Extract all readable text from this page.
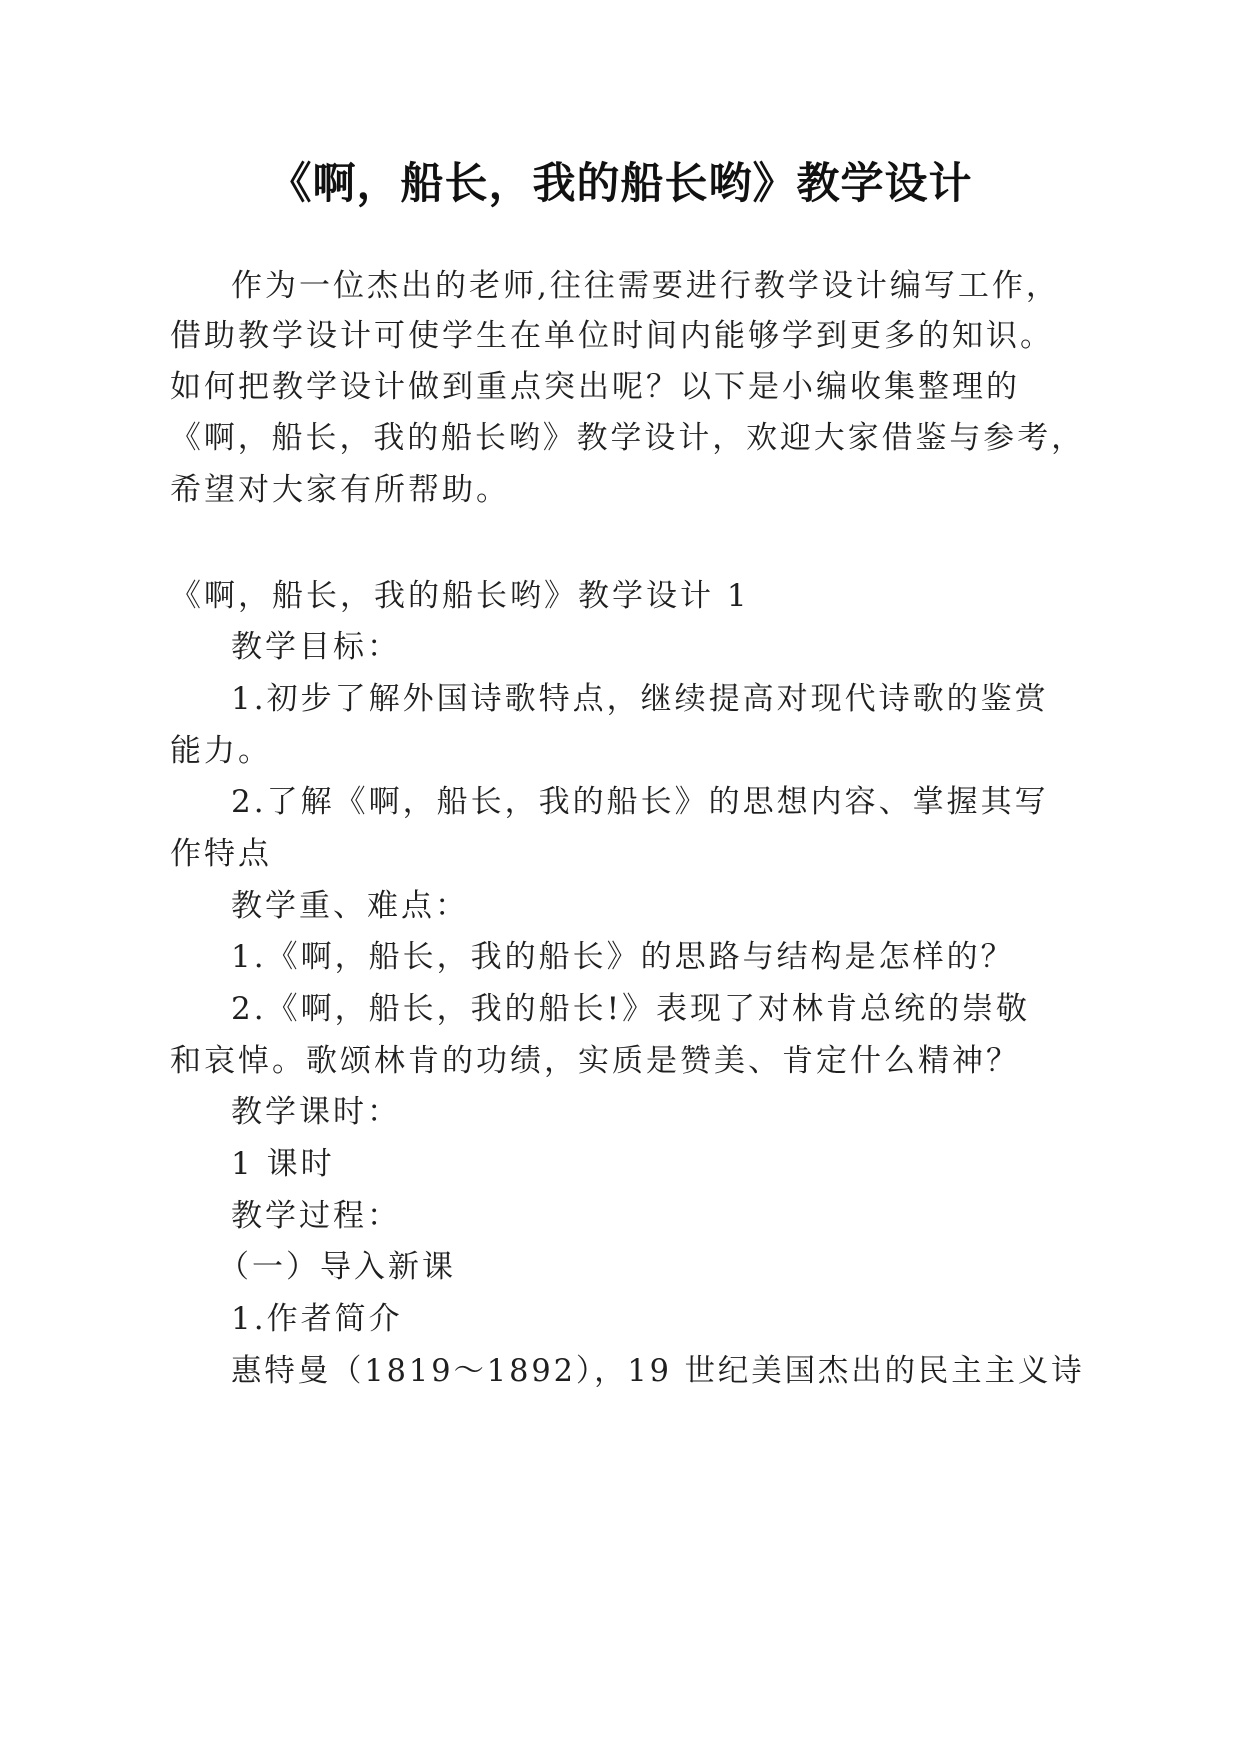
《啊，船长，我的船长哟》教学设计
作为一位杰出的老师,往往需要进行教学设计编写工作，
借助教学设计可使学生在单位时间内能够学到更多的知识。
如何把教学设计做到重点突出呢？以下是小编收集整理的
《啊，船长，我的船长哟》教学设计，欢迎大家借鉴与参考，
希望对大家有所帮助。
《啊，船长，我的船长哟》教学设计 1
教学目标：
1.初步了解外国诗歌特点，继续提高对现代诗歌的鉴赏
能力。
2.了解《啊，船长，我的船长》的思想内容、掌握其写
作特点
教学重、难点：
1.《啊，船长，我的船长》的思路与结构是怎样的？
2.《啊，船长，我的船长!》表现了对林肯总统的崇敬
和哀悼。歌颂林肯的功绩，实质是赞美、肯定什么精神？
教学课时：
1 课时
教学过程：
（一）导入新课
1.作者简介
惠特曼（1819～1892），19 世纪美国杰出的民主主义诗
